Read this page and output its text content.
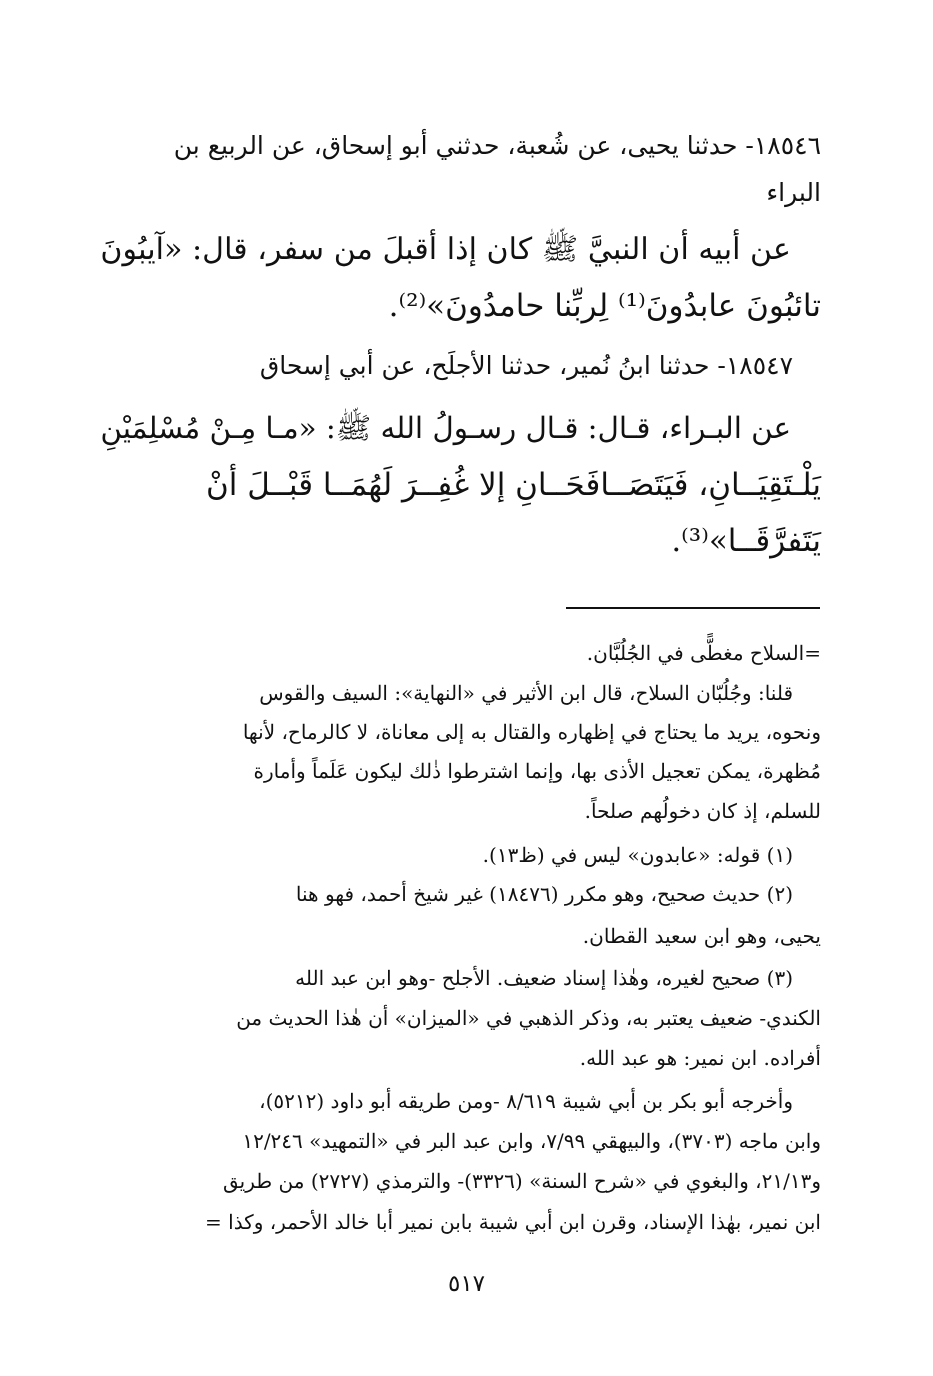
١٨٥٤٦- حدثنا يحيى، عن شُعبة، حدثني أبو إسحاق، عن الربيع بن
البراء
عن أبيه أن النبيَّ ﷺ كان إذا أقبلَ من سفر، قال: «آيبُونَ
تائبُونَ عابدُونَ⁽¹⁾ لِربِّنا حامدُونَ»⁽²⁾.
١٨٥٤٧- حدثنا ابنُ نُمير، حدثنا الأجلَح، عن أبي إسحاق
عن البـراء، قـال: قـال رسـولُ الله ﷺ: «مـا مِـنْ مُسْلِمَيْنِ
يَلْـتَقِيَــانِ، فَيَتَصَــافَحَــانِ إلا غُفِــرَ لَهُمَــا قَبْــلَ أنْ
يَتَفرَّقَــا»⁽³⁾.
=السلاح مغطًّى في الجُلُبَّان.
قلنا: وجُلُبّان السلاح، قال ابن الأثير في «النهاية»: السيف والقوس
ونحوه، يريد ما يحتاج في إظهاره والقتال به إلى معاناة، لا كالرماح، لأنها
مُظهرة، يمكن تعجيل الأذى بها، وإنما اشترطوا ذٰلك ليكون عَلَماً وأمارة
للسلم، إذ كان دخولُهم صلحاً.
(١) قوله: «عابدون» ليس في (ظ١٣).
(٢) حديث صحيح، وهو مكرر (١٨٤٧٦) غير شيخ أحمد، فهو هنا
يحيى، وهو ابن سعيد القطان.
(٣) صحيح لغيره، وهٰذا إسناد ضعيف. الأجلح -وهو ابن عبد الله
الكندي- ضعيف يعتبر به، وذكر الذهبي في «الميزان» أن هٰذا الحديث من
أفراده. ابن نمير: هو عبد الله.
وأخرجه أبو بكر بن أبي شيبة ٨/٦١٩ -ومن طريقه أبو داود (٥٢١٢)،
وابن ماجه (٣٧٠٣)، والبيهقي ٧/٩٩، وابن عبد البر في «التمهيد» ١٢/٢٤٦
و٢١/١٣، والبغوي في «شرح السنة» (٣٣٢٦)- والترمذي (٢٧٢٧) من طريق
ابن نمير، بهٰذا الإسناد، وقرن ابن أبي شيبة بابن نمير أبا خالد الأحمر، وكذا =
٥١٧
